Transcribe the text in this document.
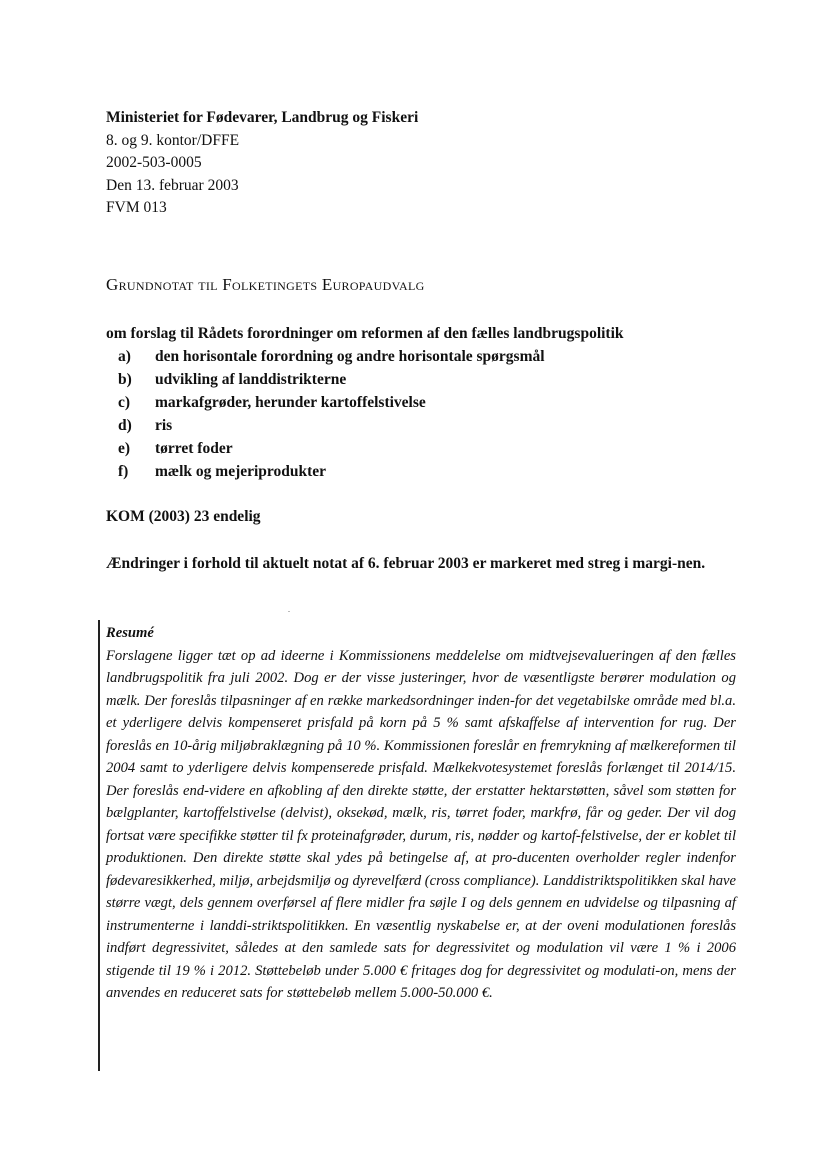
Ministeriet for Fødevarer, Landbrug og Fiskeri
8. og 9. kontor/DFFE
2002-503-0005
Den 13. februar 2003
FVM 013
Grundnotat til Folketingets Europaudvalg
om forslag til Rådets forordninger om reformen af den fælles landbrugspolitik
a)	den horisontale forordning og andre horisontale spørgsmål
b)	udvikling af landdistrikterne
c)	markafgrøder, herunder kartoffelstivelse
d)	ris
e)	tørret foder
f)	mælk og mejeriprodukter
KOM (2003) 23 endelig
Ændringer i forhold til aktuelt notat af 6. februar 2003 er markeret med streg i margi-nen.
Resumé
Forslagene ligger tæt op ad ideerne i Kommissionens meddelelse om midtvejsevalueringen af den fælles landbrugspolitik fra juli 2002. Dog er der visse justeringer, hvor de væsentligste berører modulation og mælk. Der foreslås tilpasninger af en række markedsordninger inden-for det vegetabilske område med bl.a. et yderligere delvis kompenseret prisfald på korn på 5 % samt afskaffelse af intervention for rug. Der foreslås en 10-årig miljøbraklægning på 10 %. Kommissionen foreslår en fremrykning af mælkereformen til 2004 samt to yderligere delvis kompenserede prisfald. Mælkekvotesystemet foreslås forlænget til 2014/15. Der foreslås end-videre en afkobling af den direkte støtte, der erstatter hektarstøtten, såvel som støtten for bælgplanter, kartoffelstivelse (delvist), oksekød, mælk, ris, tørret foder, markfrø, får og geder. Der vil dog fortsat være specifikke støtter til fx proteinafgrøder, durum, ris, nødder og kartof-felstivelse, der er koblet til produktionen. Den direkte støtte skal ydes på betingelse af, at pro-ducenten overholder regler indenfor fødevaresikkerhed, miljø, arbejdsmiljø og dyrevelfærd (cross compliance). Landdistriktspolitikken skal have større vægt, dels gennem overførsel af flere midler fra søjle I og dels gennem en udvidelse og tilpasning af instrumenterne i landdi-striktspolitikken. En væsentlig nyskabelse er, at der oveni modulationen foreslås indført degressivitet, således at den samlede sats for degressivitet og modulation vil være 1 % i 2006 stigende til 19 % i 2012. Støttebeløb under 5.000 € fritages dog for degressivitet og modulati-on, mens der anvendes en reduceret sats for støttebeløb mellem 5.000-50.000 €.
